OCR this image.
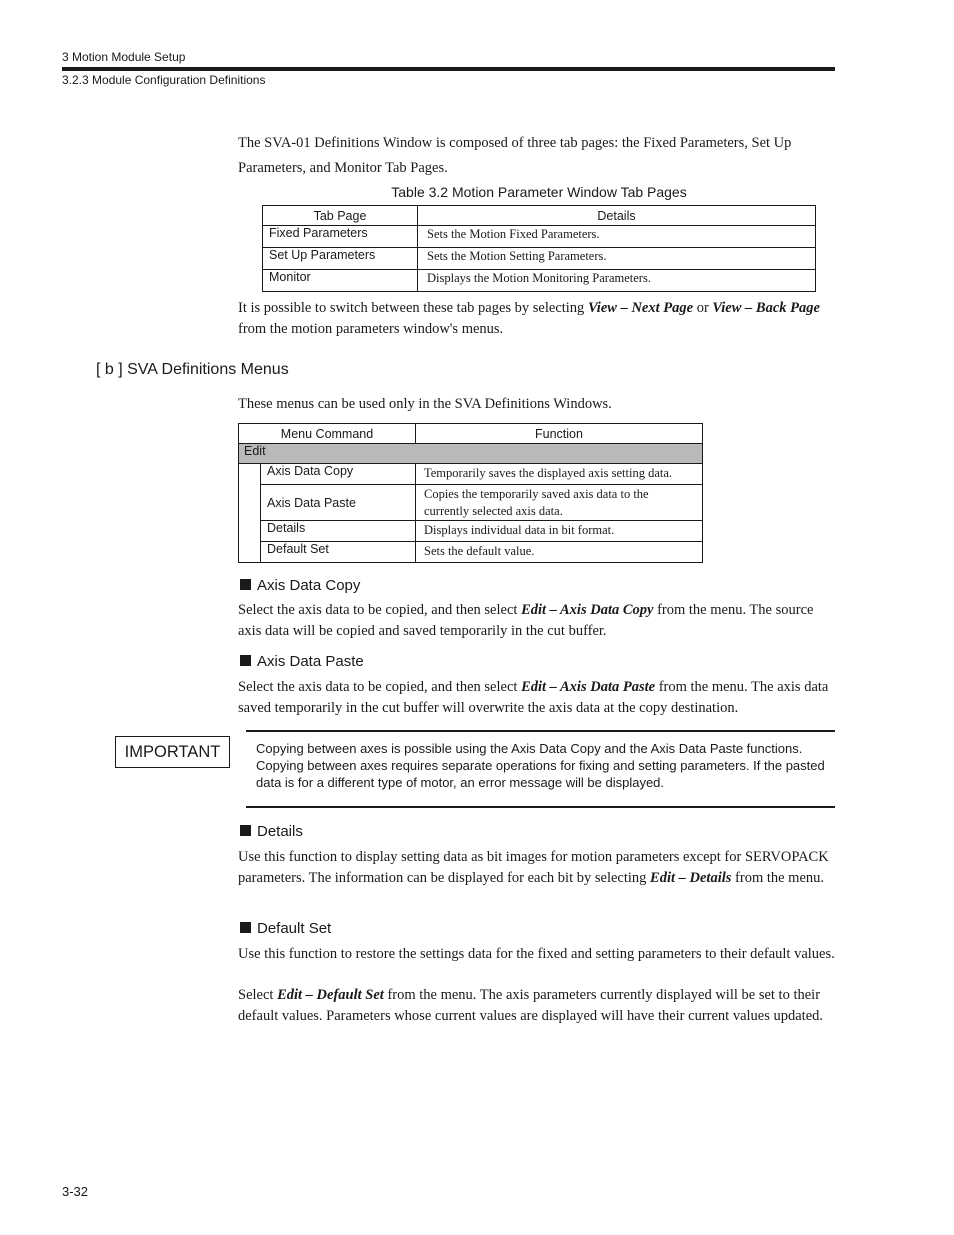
3 Motion Module Setup
3.2.3 Module Configuration Definitions
The SVA-01 Definitions Window is composed of three tab pages: the Fixed Parameters, Set Up Parameters, and Monitor Tab Pages.
Table 3.2 Motion Parameter Window Tab Pages
Tab Page	Details
Fixed Parameters	Sets the Motion Fixed Parameters.
Set Up Parameters	Sets the Motion Setting Parameters.
Monitor	Displays the Motion Monitoring Parameters.
It is possible to switch between these tab pages by selecting View – Next Page or View – Back Page from the motion parameters window's menus.
[ b ] SVA Definitions Menus
These menus can be used only in the SVA Definitions Windows.
Menu Command		Function
Edit		
	Axis Data Copy	Temporarily saves the displayed axis setting data.
	Axis Data Paste	Copies the temporarily saved axis data to the currently selected axis data.
	Details	Displays individual data in bit format.
	Default Set	Sets the default value.
Axis Data Copy
Select the axis data to be copied, and then select Edit – Axis Data Copy from the menu. The source axis data will be copied and saved temporarily in the cut buffer.
Axis Data Paste
Select the axis data to be copied, and then select Edit – Axis Data Paste from the menu. The axis data saved temporarily in the cut buffer will overwrite the axis data at the copy destination.
IMPORTANT	Copying between axes is possible using the Axis Data Copy and the Axis Data Paste functions. Copying between axes requires separate operations for fixing and setting parameters. If the pasted data is for a different type of motor, an error message will be displayed.
Details
Use this function to display setting data as bit images for motion parameters except for SERVOPACK parameters. The information can be displayed for each bit by selecting Edit – Details from the menu.
Default Set
Use this function to restore the settings data for the fixed and setting parameters to their default values.
Select Edit – Default Set from the menu. The axis parameters currently displayed will be set to their default values. Parameters whose current values are displayed will have their current values updated.
3-32
